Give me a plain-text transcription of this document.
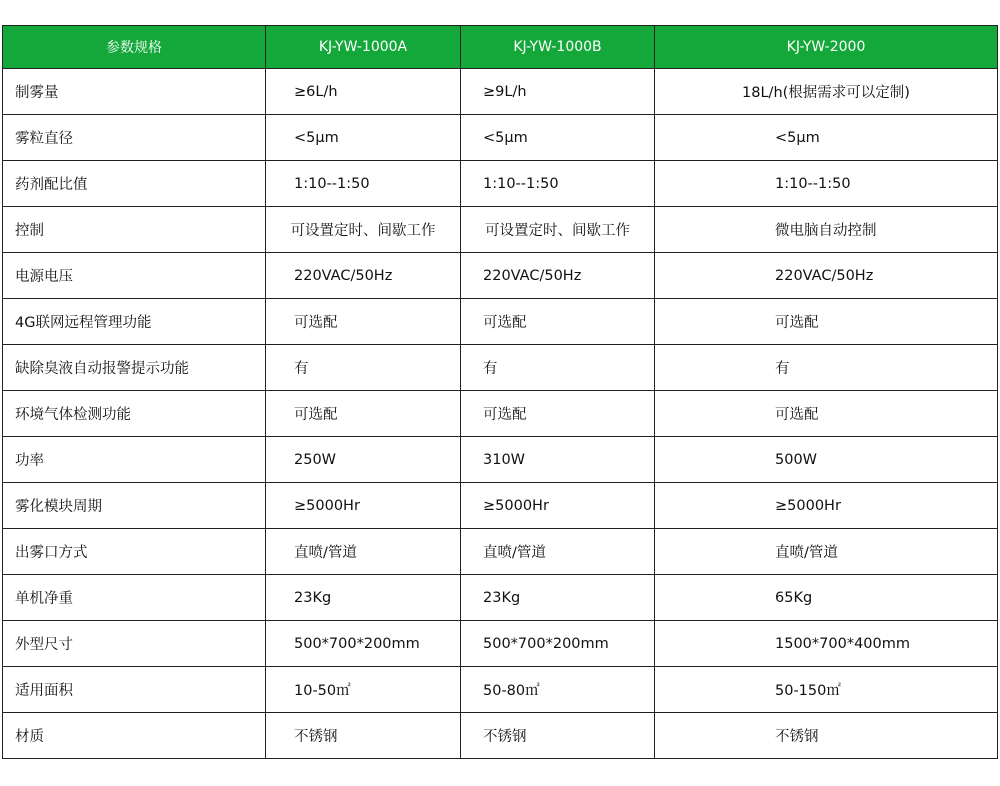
参数规格	KJ-YW-1000A	KJ-YW-1000B	KJ-YW-2000
制雾量	≥6L/h	≥9L/h	18L/h(根据需求可以定制)
雾粒直径	<5μm	<5μm	<5μm
药剂配比值	1:10--1:50	1:10--1:50	1:10--1:50
控制	可设置定时、间歇工作	可设置定时、间歇工作	微电脑自动控制
电源电压	220VAC/50Hz	220VAC/50Hz	220VAC/50Hz
4G联网远程管理功能	可选配	可选配	可选配
缺除臭液自动报警提示功能	有	有	有
环境气体检测功能	可选配	可选配	可选配
功率	250W	310W	500W
雾化模块周期	≥5000Hr	≥5000Hr	≥5000Hr
出雾口方式	直喷/管道	直喷/管道	直喷/管道
单机净重	23Kg	23Kg	65Kg
外型尺寸	500*700*200mm	500*700*200mm	1500*700*400mm
适用面积	10-50㎡	50-80㎡	50-150㎡
材质	不锈钢	不锈钢	不锈钢
